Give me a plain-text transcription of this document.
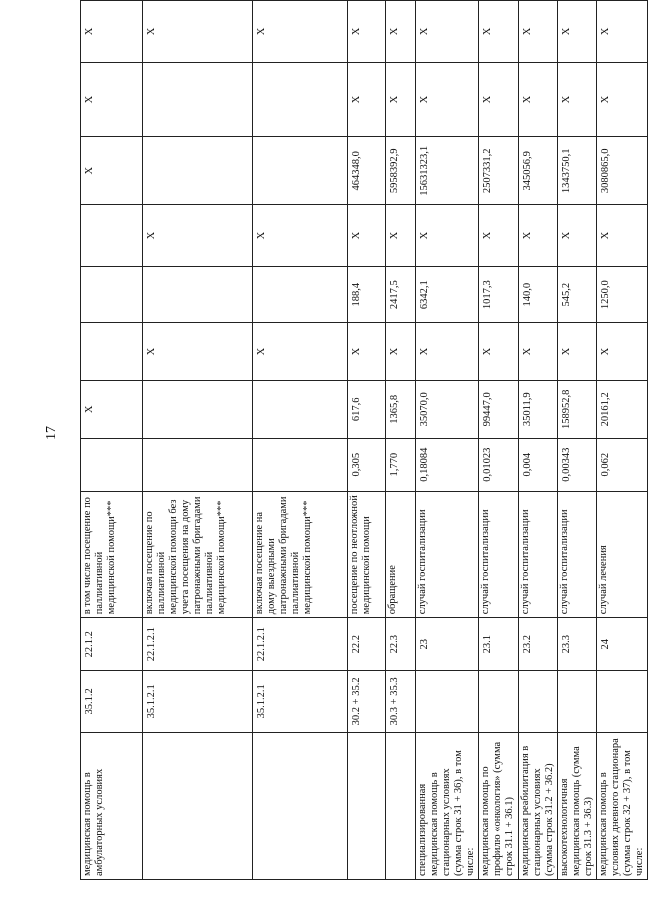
17
медицинская помощь в амбулаторных условиях	35.1.2	22.1.2	в том числе посещение по паллиативной медицинской помощи***		Х				Х	Х	Х
	35.1.2.1	22.1.2.1	включая посещение по паллиативной медицинской помощи без учета посещения на дому патронажными бригадами паллиативной медицинской помощи***			Х		Х			Х
	35.1.2.1	22.1.2.1	включая посещение на дому выездными патронажными бригадами паллиативной медицинской помощи***			Х		Х			Х
	30.2 + 35.2	22.2	посещение по неотложной медицинской помощи	0,305	617,6	Х	188,4	Х	464348,0	Х	Х
	30.3 + 35.3	22.3	обращение	1,770	1365,8	Х	2417,5	Х	5958392,9	Х	Х
специализированная медицинская помощь в стационарных условиях (сумма строк 31 + 36), в том числе:		23	случай госпитализации	0,18084	35070,0	Х	6342,1	Х	15631323,1	Х	Х
медицинская помощь по профилю «онкология» (сумма строк 31.1 + 36.1)		23.1	случай госпитализации	0,01023	99447,0	Х	1017,3	Х	2507331,2	Х	Х
медицинская реабилитация в стационарных условиях (сумма строк 31.2 + 36.2)		23.2	случай госпитализации	0,004	35011,9	Х	140,0	Х	345056,9	Х	Х
высокотехнологичная медицинская помощь (сумма строк 31.3 + 36.3)		23.3	случай госпитализации	0,00343	158952,8	Х	545,2	Х	1343750,1	Х	Х
медицинская помощь в условиях дневного стационара (сумма строк 32 + 37), в том числе:		24	случай лечения	0,062	20161,2	Х	1250,0	Х	3080865,0	Х	Х
